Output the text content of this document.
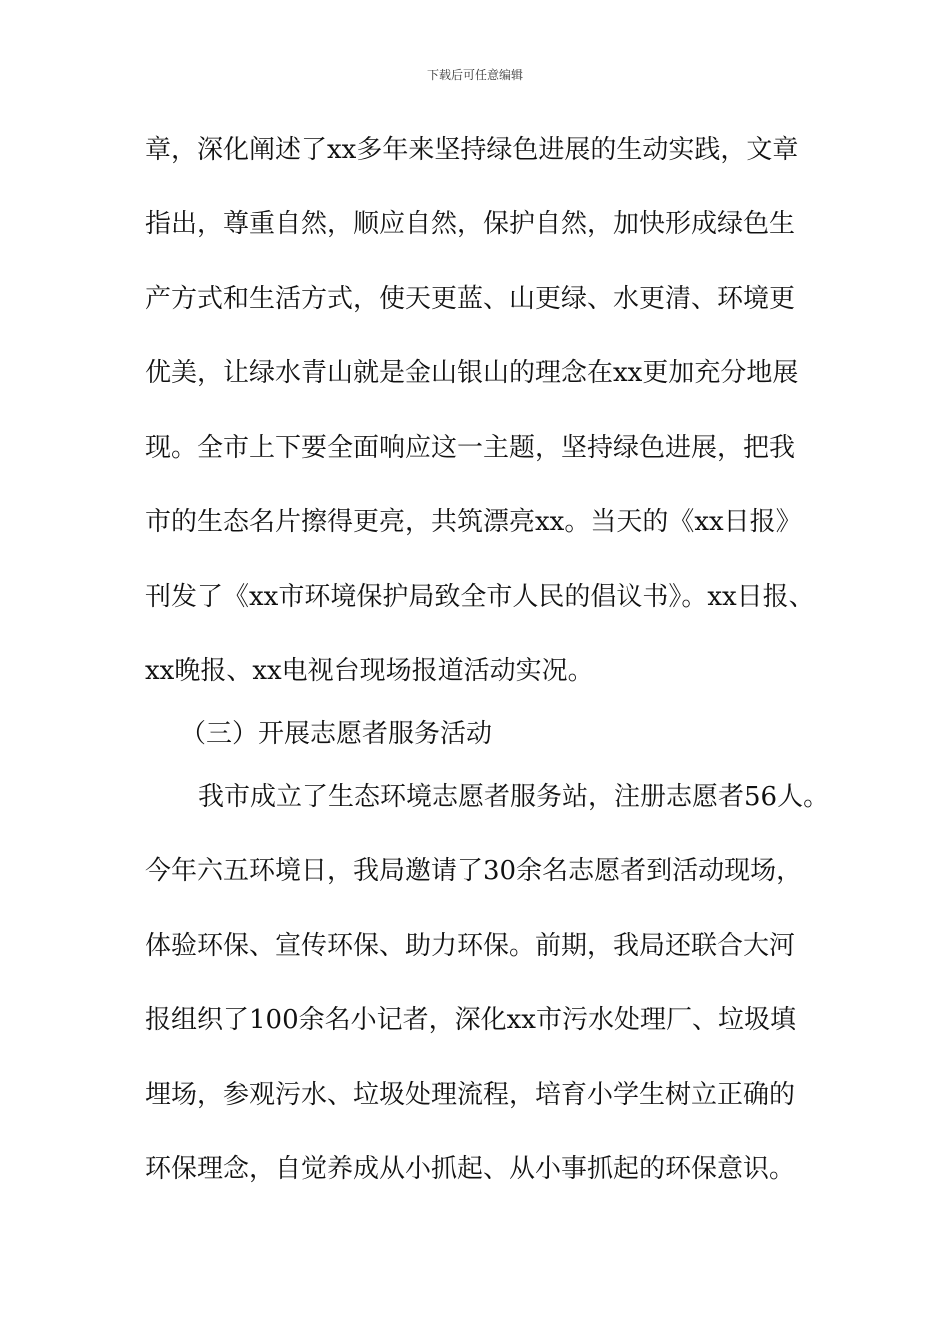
下载后可任意编辑
章，深化阐述了xx多年来坚持绿色进展的生动实践，文章
指出，尊重自然，顺应自然，保护自然，加快形成绿色生
产方式和生活方式，使天更蓝、山更绿、水更清、环境更
优美，让绿水青山就是金山银山的理念在xx更加充分地展
现。全市上下要全面响应这一主题，坚持绿色进展，把我
市的生态名片擦得更亮，共筑漂亮xx。当天的《xx日报》
刊发了《xx市环境保护局致全市人民的倡议书》。xx日报、
xx晚报、xx电视台现场报道活动实况。
（三）开展志愿者服务活动
我市成立了生态环境志愿者服务站，注册志愿者56人。
今年六五环境日，我局邀请了30余名志愿者到活动现场，
体验环保、宣传环保、助力环保。前期，我局还联合大河
报组织了100余名小记者，深化xx市污水处理厂、垃圾填
埋场，参观污水、垃圾处理流程，培育小学生树立正确的
环保理念，自觉养成从小抓起、从小事抓起的环保意识。
